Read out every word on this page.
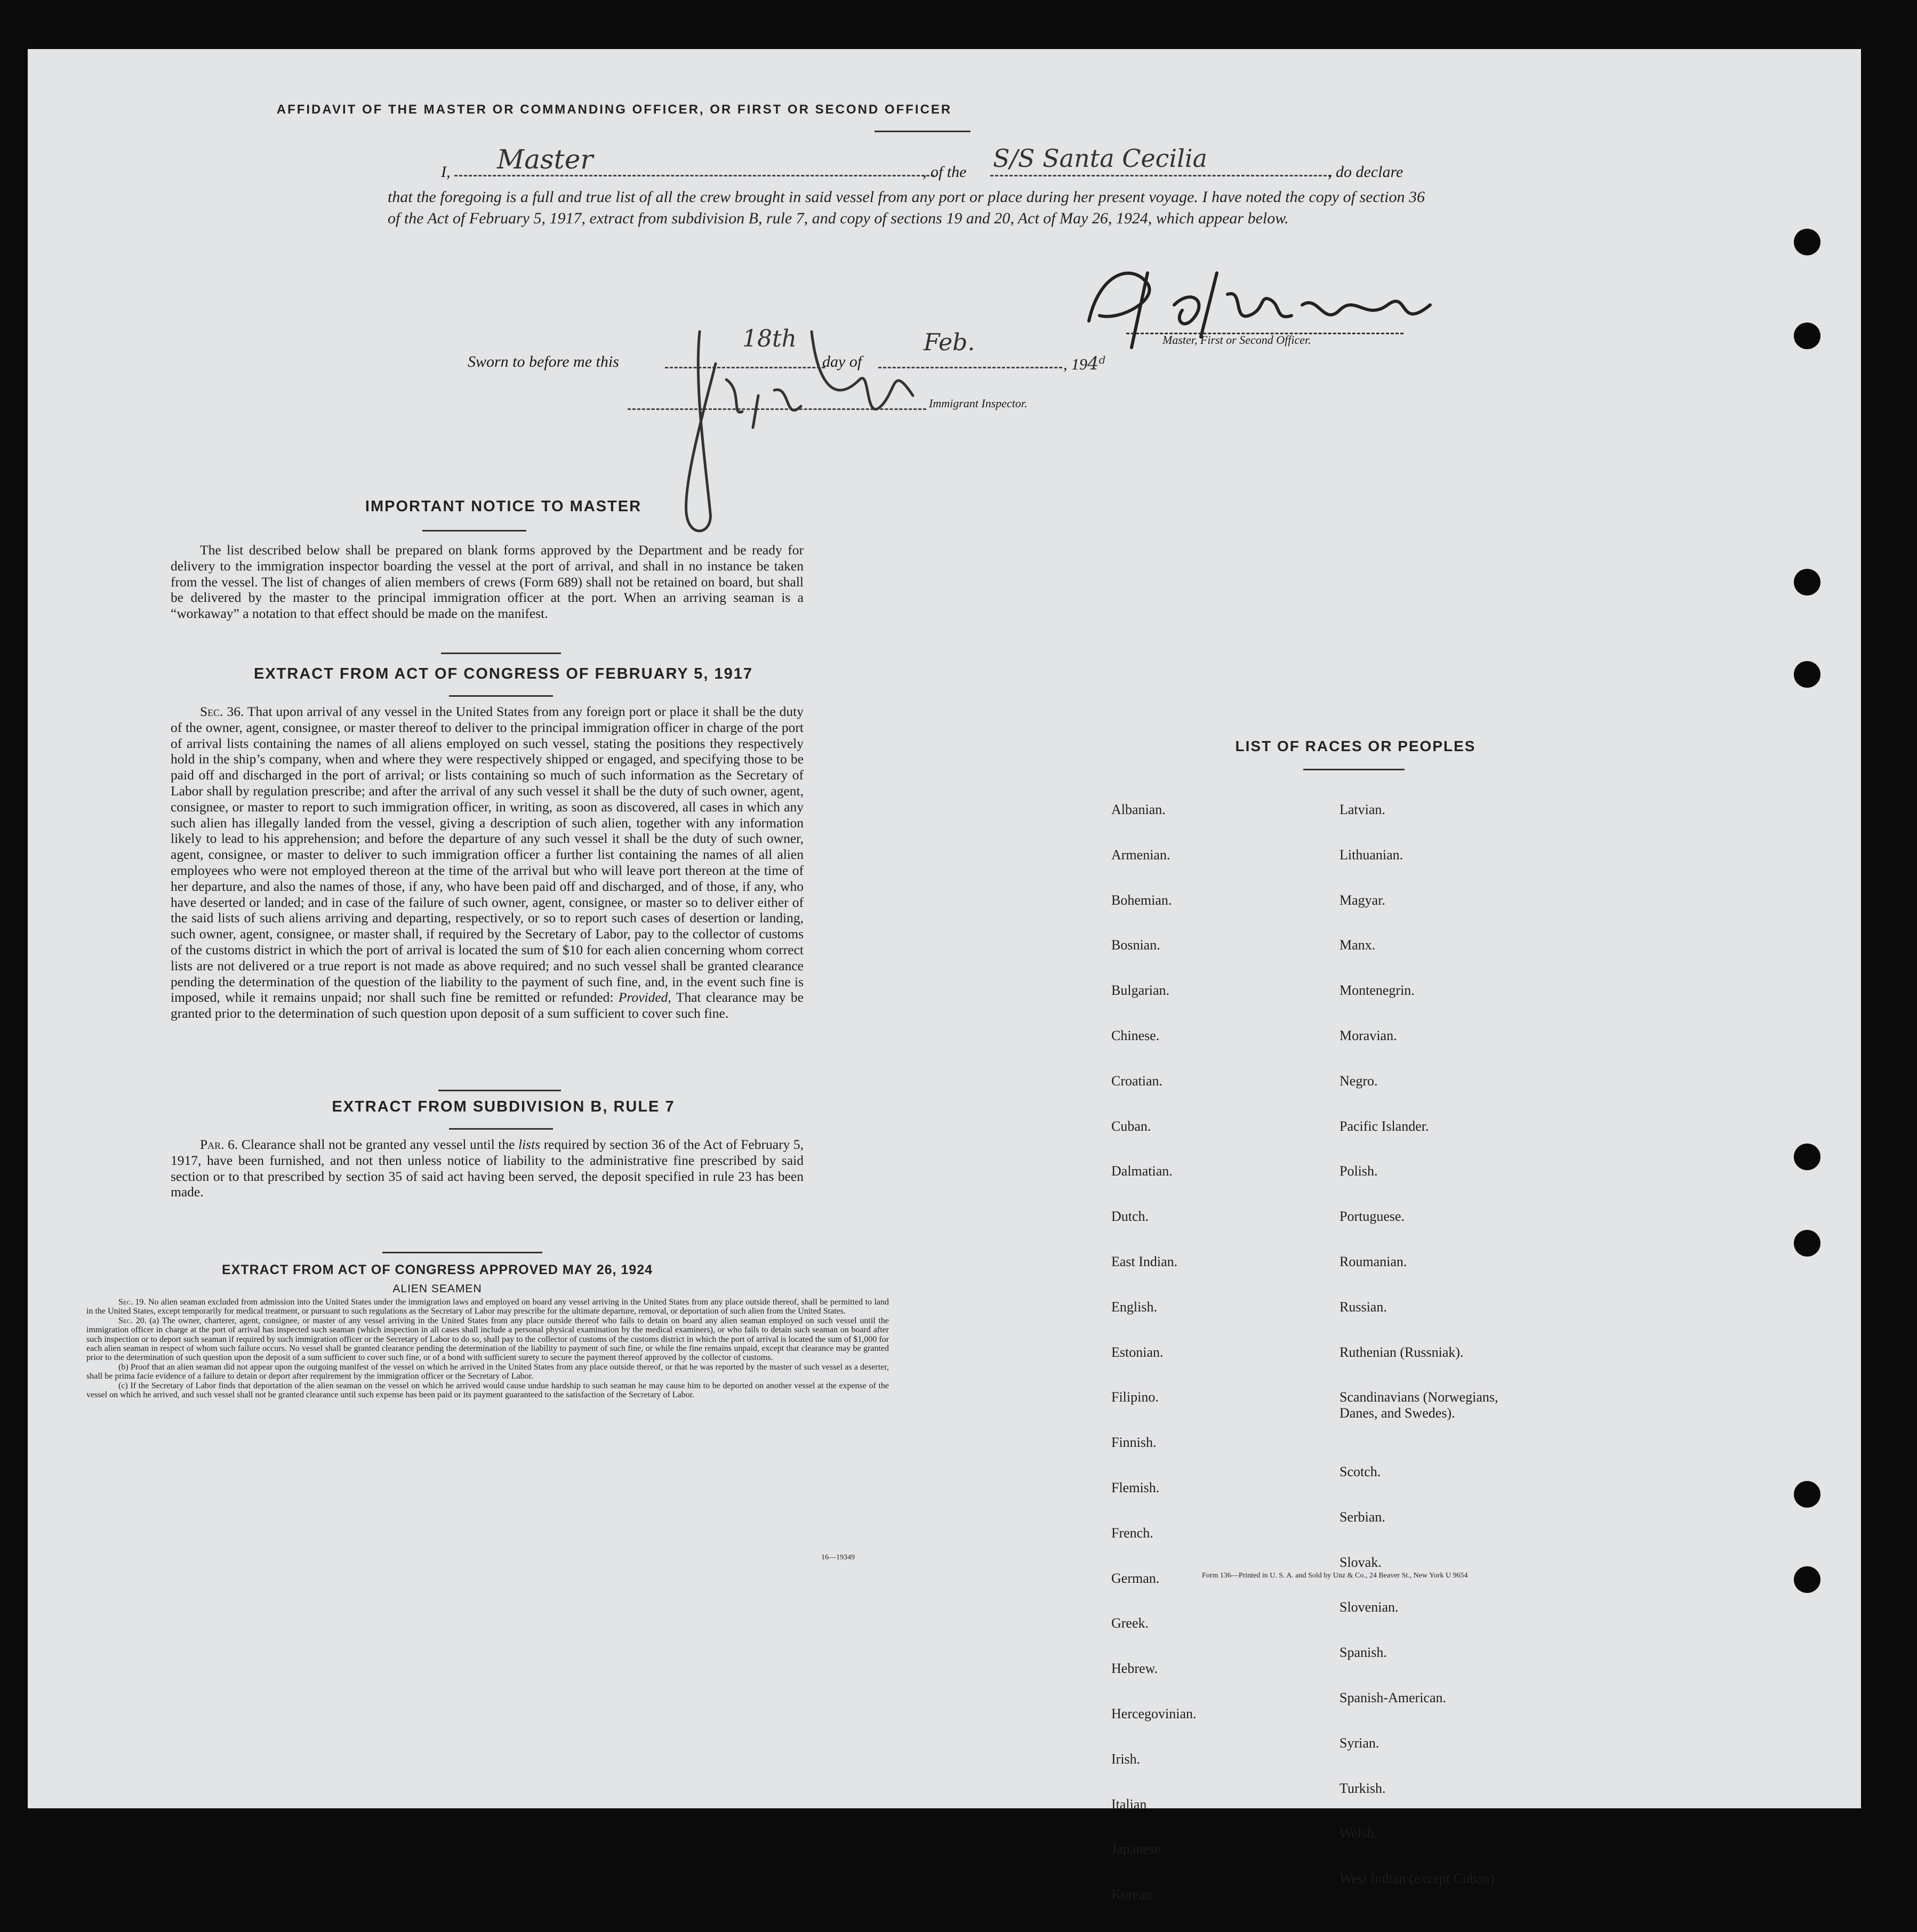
AFFIDAVIT OF THE MASTER OR COMMANDING OFFICER, OR FIRST OR SECOND OFFICER
I, Master	, of the S/S Santa Cecilia	, do declare
that the foregoing is a full and true list of all the crew brought in said vessel from any port or place during her present voyage. I have noted the copy of section 36 of the Act of February 5, 1917, extract from subdivision B, rule 7, and copy of sections 19 and 20, Act of May 26, 1924, which appear below.
Master, First or Second Officer.
Sworn to before me this
18th
day of
Feb.
, 194$^d$
Immigrant Inspector.
IMPORTANT NOTICE TO MASTER
The list described below shall be prepared on blank forms approved by the Department and be ready for delivery to the immigration inspector boarding the vessel at the port of arrival, and shall in no instance be taken from the vessel. The list of changes of alien members of crews (Form 689) shall not be retained on board, but shall be delivered by the master to the principal immigration officer at the port. When an arriving seaman is a “workaway” a notation to that effect should be made on the manifest.
EXTRACT FROM ACT OF CONGRESS OF FEBRUARY 5, 1917
Sec. 36. That upon arrival of any vessel in the United States from any foreign port or place it shall be the duty of the owner, agent, consignee, or master thereof to deliver to the principal immigration officer in charge of the port of arrival lists containing the names of all aliens employed on such vessel, stating the positions they respectively hold in the ship’s company, when and where they were respectively shipped or engaged, and specifying those to be paid off and discharged in the port of arrival; or lists containing so much of such information as the Secretary of Labor shall by regulation prescribe; and after the arrival of any such vessel it shall be the duty of such owner, agent, consignee, or master to report to such immigration officer, in writing, as soon as discovered, all cases in which any such alien has illegally landed from the vessel, giving a description of such alien, together with any information likely to lead to his apprehension; and before the departure of any such vessel it shall be the duty of such owner, agent, consignee, or master to deliver to such immigration officer a further list containing the names of all alien employees who were not employed thereon at the time of the arrival but who will leave port thereon at the time of her departure, and also the names of those, if any, who have been paid off and discharged, and of those, if any, who have deserted or landed; and in case of the failure of such owner, agent, consignee, or master so to deliver either of the said lists of such aliens arriving and departing, respectively, or so to report such cases of desertion or landing, such owner, agent, consignee, or master shall, if required by the Secretary of Labor, pay to the collector of customs of the customs district in which the port of arrival is located the sum of $10 for each alien concerning whom correct lists are not delivered or a true report is not made as above required; and no such vessel shall be granted clearance pending the determination of the question of the liability to the payment of such fine, and, in the event such fine is imposed, while it remains unpaid; nor shall such fine be remitted or refunded: Provided, That clearance may be granted prior to the determination of such question upon deposit of a sum sufficient to cover such fine.
EXTRACT FROM SUBDIVISION B, RULE 7
Par. 6. Clearance shall not be granted any vessel until the lists required by section 36 of the Act of February 5, 1917, have been furnished, and not then unless notice of liability to the administrative fine prescribed by said section or to that prescribed by section 35 of said act having been served, the deposit specified in rule 23 has been made.
EXTRACT FROM ACT OF CONGRESS APPROVED MAY 26, 1924
ALIEN SEAMEN
Sec. 19. No alien seaman excluded from admission into the United States under the immigration laws and employed on board any vessel arriving in the United States from any place outside thereof, shall be permitted to land in the United States, except temporarily for medical treatment, or pursuant to such regulations as the Secretary of Labor may prescribe for the ultimate departure, removal, or deportation of such alien from the United States.
Sec. 20. (a) The owner, charterer, agent, consignee, or master of any vessel arriving in the United States from any place outside thereof who fails to detain on board any alien seaman employed on such vessel until the immigration officer in charge at the port of arrival has inspected such seaman (which inspection in all cases shall include a personal physical examination by the medical examiners), or who fails to detain such seaman on board after such inspection or to deport such seaman if required by such immigration officer or the Secretary of Labor to do so, shall pay to the collector of customs of the customs district in which the port of arrival is located the sum of $1,000 for each alien seaman in respect of whom such failure occurs. No vessel shall be granted clearance pending the determination of the liability to payment of such fine, or while the fine remains unpaid, except that clearance may be granted prior to the determination of such question upon the deposit of a sum sufficient to cover such fine, or of a bond with sufficient surety to secure the payment thereof approved by the collector of customs.
(b) Proof that an alien seaman did not appear upon the outgoing manifest of the vessel on which he arrived in the United States from any place outside thereof, or that he was reported by the master of such vessel as a deserter, shall be prima facie evidence of a failure to detain or deport after requirement by the immigration officer or the Secretary of Labor.
(c) If the Secretary of Labor finds that deportation of the alien seaman on the vessel on which he arrived would cause undue hardship to such seaman he may cause him to be deported on another vessel at the expense of the vessel on which he arrived, and such vessel shall not be granted clearance until such expense has been paid or its payment guaranteed to the satisfaction of the Secretary of Labor.
16—19349
LIST OF RACES OR PEOPLES

Albanian.

Armenian.

Bohemian.

Bosnian.

Bulgarian.

Chinese.

Croatian.

Cuban.

Dalmatian.

Dutch.

East Indian.

English.

Estonian.

Filipino.

Finnish.

Flemish.

French.

German.

Greek.

Hebrew.

Hercegovinian.

Irish.

Italian

Japanese.

Korean.

Latvian.

Lithuanian.

Magyar.

Manx.

Montenegrin.

Moravian.

Negro.

Pacific Islander.

Polish.

Portuguese.

Roumanian.

Russian.

Ruthenian (Russniak).

Scandinavians (Norwegians,
Danes, and Swedes).

Scotch.

Serbian.

Slovak.

Slovenian.

Spanish.

Spanish-American.

Syrian.

Turkish.

Welsh.

West Indian (except Cuban).

Form 136—Printed in U. S. A. and Sold by Unz & Co., 24 Beaver St., New York U 9654
